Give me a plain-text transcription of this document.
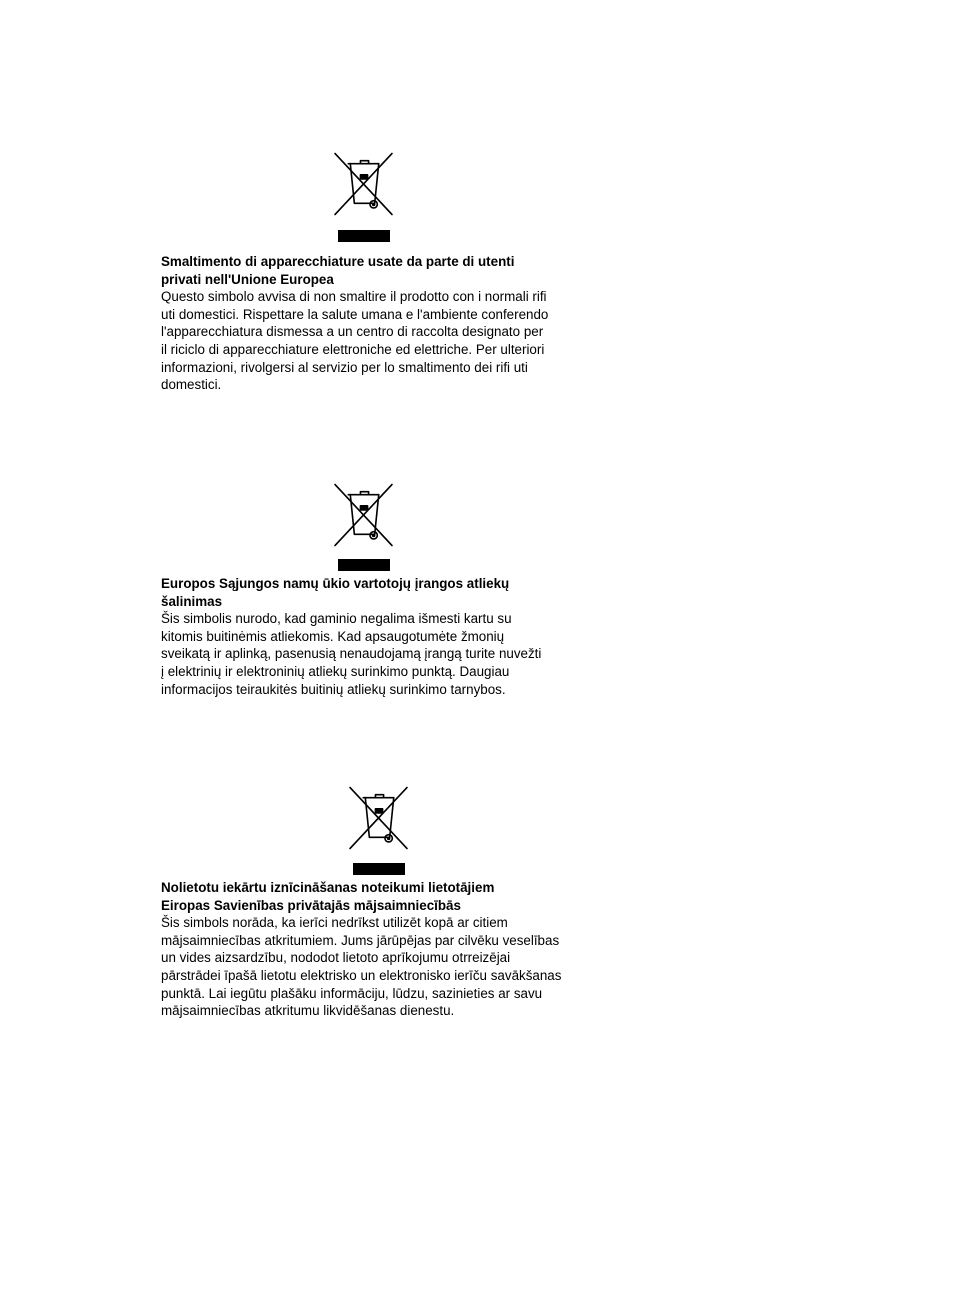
Smaltimento di apparecchiature usate da parte di utenti
privati nell'Unione Europea

Questo simbolo avvisa di non smaltire il prodotto con i normali rifi
uti domestici. Rispettare la salute umana e l'ambiente conferendo
l'apparecchiatura dismessa a un centro di raccolta designato per
il riciclo di apparecchiature elettroniche ed elettriche. Per ulteriori
informazioni, rivolgersi al servizio per lo smaltimento dei rifi uti
domestici.

Europos Sąjungos namų ūkio vartotojų įrangos atliekų
šalinimas

Šis simbolis nurodo, kad gaminio negalima išmesti kartu su
kitomis buitinėmis atliekomis. Kad apsaugotumėte žmonių
sveikatą ir aplinką, pasenusią nenaudojamą įrangą turite nuvežti
į elektrinių ir elektroninių atliekų surinkimo punktą. Daugiau
informacijos teiraukitės buitinių atliekų surinkimo tarnybos.

Nolietotu iekārtu iznīcināšanas noteikumi lietotājiem
Eiropas Savienības privātajās mājsaimniecībās

Šis simbols norāda, ka ierīci nedrīkst utilizēt kopā ar citiem
mājsaimniecības atkritumiem. Jums jārūpējas par cilvēku veselības
un vides aizsardzību, nododot lietoto aprīkojumu otrreizējai
pārstrādei īpašā lietotu elektrisko un elektronisko ierīču savākšanas
punktā. Lai iegūtu plašāku informāciju, lūdzu, sazinieties ar savu
mājsaimniecības atkritumu likvidēšanas dienestu.
